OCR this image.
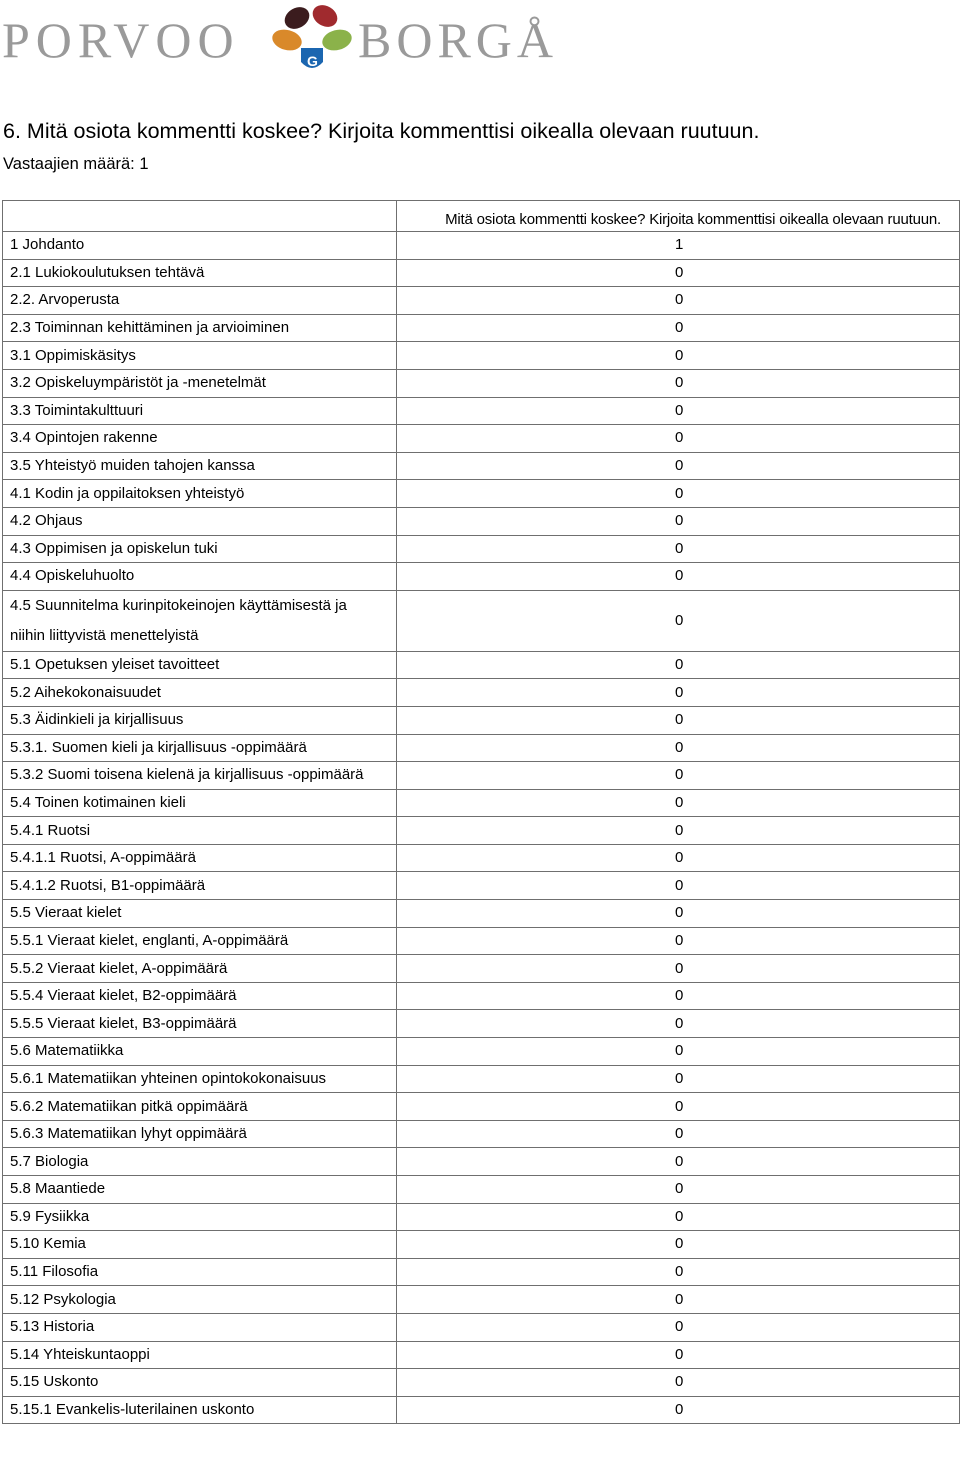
PORVOO	G BORGÅ
6. Mitä osiota kommentti koskee? Kirjoita kommenttisi oikealla olevaan ruutuun.
Vastaajien määrä: 1
	Mitä osiota kommentti koskee? Kirjoita kommenttisi oikealla olevaan ruutuun.
1 Johdanto	1
2.1 Lukiokoulutuksen tehtävä	0
2.2. Arvoperusta	0
2.3 Toiminnan kehittäminen ja arvioiminen	0
3.1 Oppimiskäsitys	0
3.2 Opiskeluympäristöt ja -menetelmät	0
3.3 Toimintakulttuuri	0
3.4 Opintojen rakenne	0
3.5 Yhteistyö muiden tahojen kanssa	0
4.1 Kodin ja oppilaitoksen yhteistyö	0
4.2 Ohjaus	0
4.3 Oppimisen ja opiskelun tuki	0
4.4 Opiskeluhuolto	0
4.5 Suunnitelma kurinpitokeinojen käyttämisestä ja niihin liittyvistä menettelyistä	0
5.1 Opetuksen yleiset tavoitteet	0
5.2 Aihekokonaisuudet	0
5.3 Äidinkieli ja kirjallisuus	0
5.3.1. Suomen kieli ja kirjallisuus -oppimäärä	0
5.3.2 Suomi toisena kielenä ja kirjallisuus -oppimäärä	0
5.4 Toinen kotimainen kieli	0
5.4.1 Ruotsi	0
5.4.1.1 Ruotsi, A-oppimäärä	0
5.4.1.2 Ruotsi, B1-oppimäärä	0
5.5 Vieraat kielet	0
5.5.1 Vieraat kielet, englanti, A-oppimäärä	0
5.5.2 Vieraat kielet, A-oppimäärä	0
5.5.4 Vieraat kielet, B2-oppimäärä	0
5.5.5 Vieraat kielet, B3-oppimäärä	0
5.6 Matematiikka	0
5.6.1 Matematiikan yhteinen opintokokonaisuus	0
5.6.2 Matematiikan pitkä oppimäärä	0
5.6.3 Matematiikan lyhyt oppimäärä	0
5.7 Biologia	0
5.8 Maantiede	0
5.9 Fysiikka	0
5.10 Kemia	0
5.11 Filosofia	0
5.12 Psykologia	0
5.13 Historia	0
5.14 Yhteiskuntaoppi	0
5.15 Uskonto	0
5.15.1 Evankelis-luterilainen uskonto	0
